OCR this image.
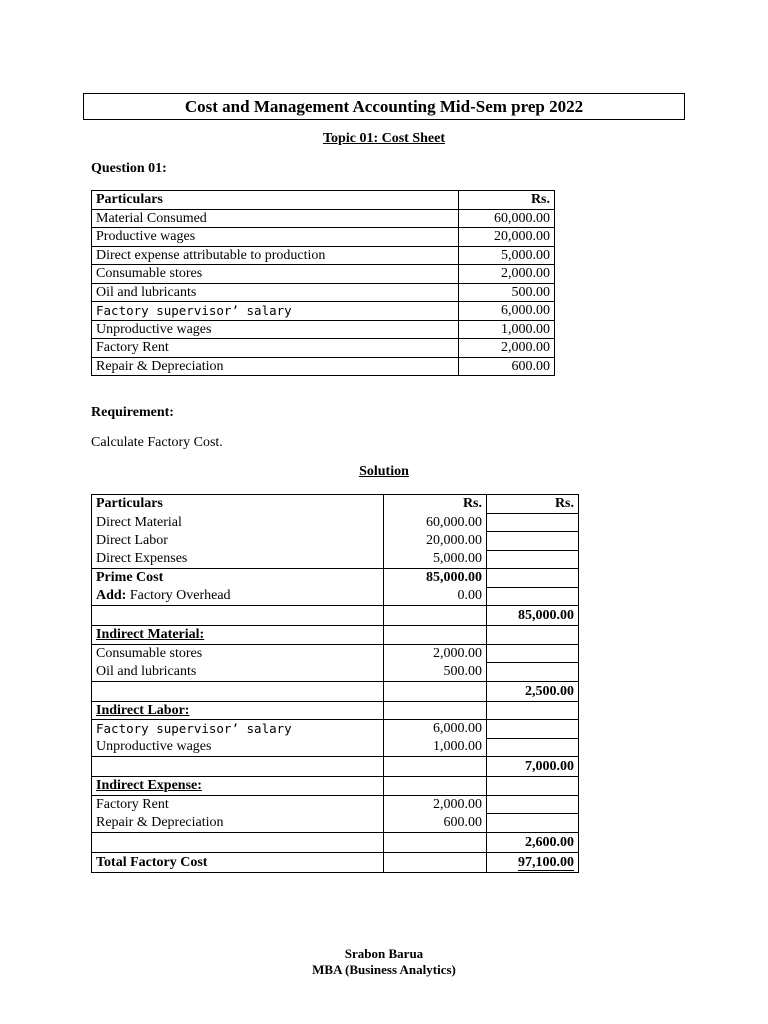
Cost and Management Accounting Mid-Sem prep 2022
Topic 01: Cost Sheet
Question 01:
Particulars	Rs.
Material Consumed	60,000.00
Productive wages	20,000.00
Direct expense attributable to production	5,000.00
Consumable stores	2,000.00
Oil and lubricants	500.00
Factory supervisor’ salary	6,000.00
Unproductive wages	1,000.00
Factory Rent	2,000.00
Repair & Depreciation	600.00
Requirement:
Calculate Factory Cost.
Solution
Particulars	Rs.	Rs.
Direct Material	60,000.00	
Direct Labor	20,000.00	
Direct Expenses	5,000.00	
Prime Cost	85,000.00	
Add: Factory Overhead	0.00	
		85,000.00
Indirect Material:		
Consumable stores	2,000.00	
Oil and lubricants	500.00	
		2,500.00
Indirect Labor:		
Factory supervisor’ salary	6,000.00	
Unproductive wages	1,000.00	
		7,000.00
Indirect Expense:		
Factory Rent	2,000.00	
Repair & Depreciation	600.00	
		2,600.00
Total Factory Cost		97,100.00
Srabon Barua
MBA (Business Analytics)
